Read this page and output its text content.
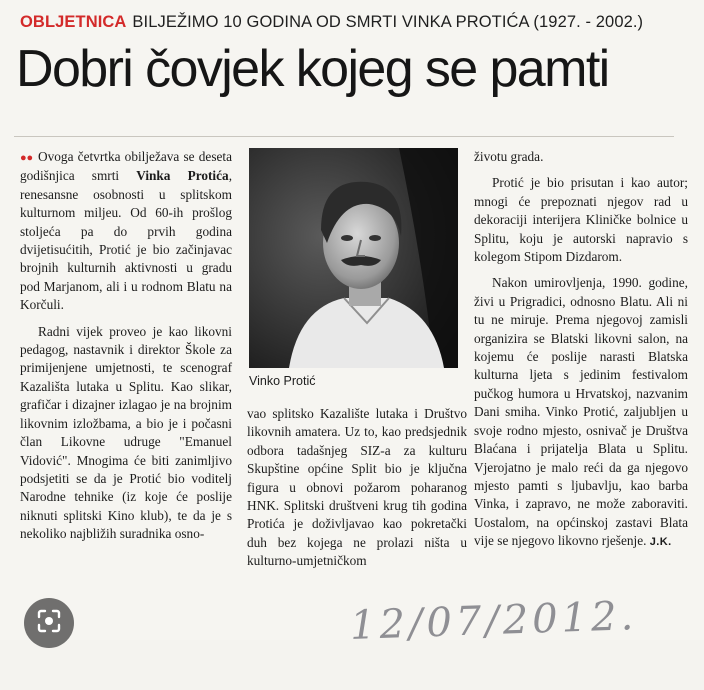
OBLJETNICA BILJEŽIMO 10 GODINA OD SMRTI VINKA PROTIĆA (1927. - 2002.)
Dobri čovjek kojeg se pamti

●● Ovoga četvrtka obilježava se deseta godišnjica smrti Vinka Protića, renesansne osobnosti u splitskom kulturnom miljeu. Od 60-ih prošlog stoljeća pa do prvih godina dvijetisućitih, Protić je bio začinjavac brojnih kulturnih aktivnosti u gradu pod Marjanom, ali i u rodnom Blatu na Korčuli.

Radni vijek proveo je kao likovni pedagog, nastavnik i direktor Škole za primijenjene umjetnosti, te scenograf Kazališta lutaka u Splitu. Kao slikar, grafičar i dizajner izlagao je na brojnim likovnim izložbama, a bio je i počasni član Likovne udruge "Emanuel Vidović". Mnogima će biti zanimljivo podsjetiti se da je Protić bio voditelj Narodne tehnike (iz koje će poslije niknuti splitski Kino klub), te da je s nekoliko najbližih suradnika osno-

Vinko Protić

vao splitsko Kazalište lutaka i Društvo likovnih amatera. Uz to, kao predsjednik odbora tadašnjeg SIZ-a za kulturu Skupštine općine Split bio je ključna figura u obnovi požarom poharanog HNK. Splitski društveni krug tih godina Protića je doživljavao kao pokretački duh bez kojega ne prolazi ništa u kulturno-umjetničkom

životu grada.

Protić je bio prisutan i kao autor; mnogi će prepoznati njegov rad u dekoraciji interijera Kliničke bolnice u Splitu, koju je autorski napravio s kolegom Stipom Dizdarom.

Nakon umirovljenja, 1990. godine, živi u Prigradici, odnosno Blatu. Ali ni tu ne miruje. Prema njegovoj zamisli organizira se Blatski likovni salon, na kojemu će poslije narasti Blatska kulturna ljeta s jedinim festivalom pučkog humora u Hrvatskoj, nazvanim Dani smiha. Vinko Protić, zaljubljen u svoje rodno mjesto, osnivač je Društva Blaćana i prijatelja Blata u Splitu. Vjerojatno je malo reći da ga njegovo mjesto pamti s ljubavlju, kao barba Vinka, i zapravo, ne može zaboraviti. Uostalom, na općinskoj zastavi Blata vije se njegovo likovno rješenje. J.K.

12/07/2012.
